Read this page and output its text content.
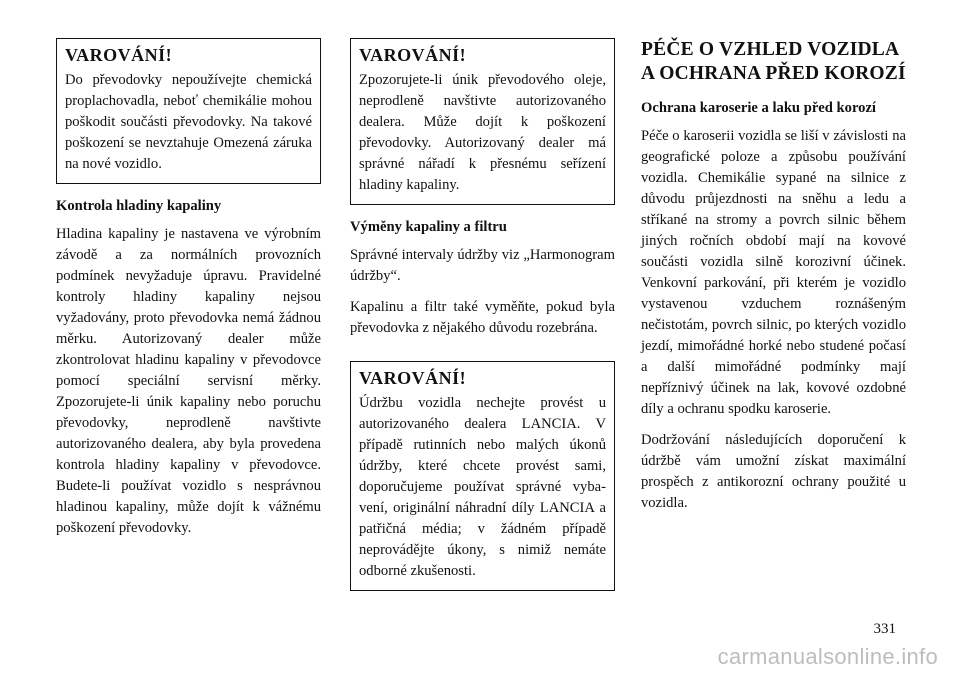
VAROVÁNÍ!

Do převodovky nepoužívejte chemická proplachovadla, neboť chemikálie mohou poškodit součásti převodovky. Na takové poškození se nevztahuje Omezená záruka na nové vozidlo.

Kontrola hladiny kapaliny

Hladina kapaliny je nastavena ve výrobním závodě a za normálních provozních podmínek nevyžaduje úpravu. Pravidelné kontroly hladiny kapaliny nejsou vyžadovány, proto převodovka nemá žádnou měrku. Autorizovaný dealer může zkontrolovat hladinu kapaliny v převodovce pomocí speciální servisní měrky. Zpozorujete-li únik kapaliny nebo poruchu převodovky, neprodleně navštivte autorizovaného dealera, aby byla provedena kontrola hladiny kapaliny v převodovce. Budete-li používat vozidlo s nesprávnou hladinou kapaliny, může dojít k vážnému poškození převodovky.

VAROVÁNÍ!

Zpozorujete-li únik převodového oleje, neprodleně navštivte autorizovaného dealera. Může dojít k poškození převodovky. Autorizovaný dealer má správné nářadí k přesnému seřízení hladiny kapaliny.

Výměny kapaliny a filtru

Správné intervaly údržby viz „Harmonogram údržby“.

Kapalinu a filtr také vyměňte, pokud byla převodovka z nějakého důvodu rozebrána.

VAROVÁNÍ!

Údržbu vozidla nechejte provést u autorizovaného dealera LANCIA. V případě rutinních nebo malých úkonů údržby, které chcete provést sami, doporučujeme používat správné vybavení, originální náhradní díly LANCIA a patřičná média; v žádném případě neprovádějte úkony, s nimiž nemáte odborné zkušenosti.

PÉČE O VZHLED VOZIDLA A OCHRANA PŘED KOROZÍ

Ochrana karoserie a laku před korozí

Péče o karoserii vozidla se liší v závislosti na geografické poloze a způsobu používání vozidla. Chemikálie sypané na silnice z důvodu průjezdnosti na sněhu a ledu a stříkané na stromy a povrch silnic během jiných ročních období mají na kovové součásti vozidla silně korozivní účinek. Venkovní parkování, při kterém je vozidlo vystavenou vzduchem roznášeným nečistotám, povrch silnic, po kterých vozidlo jezdí, mimořádné horké nebo studené počasí a další mimořádné podmínky mají nepříznivý účinek na lak, kovové ozdobné díly a ochranu spodku karoserie.

Dodržování následujících doporučení k údržbě vám umožní získat maximální prospěch z antikorozní ochrany použité u vozidla.

331
carmanualsonline.info
